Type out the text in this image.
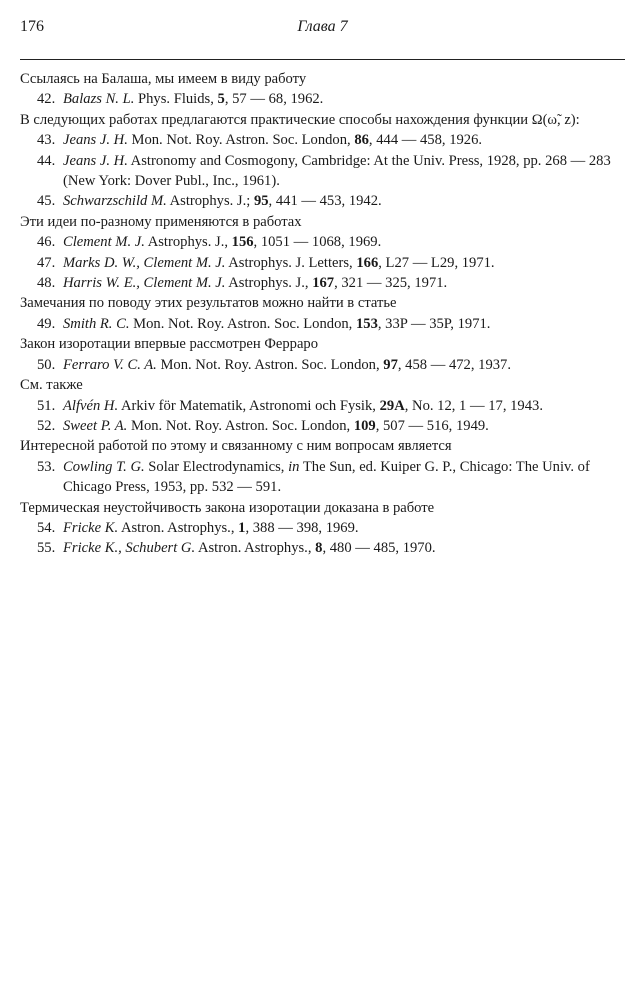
176	Глава 7

Ссылаясь на Балаша, мы имеем в виду работу

42. Balazs N. L. Phys. Fluids, 5, 57 — 68, 1962.

В следующих работах предлагаются практические способы нахождения функции Ω(ω̃, z):

43. Jeans J. H. Mon. Not. Roy. Astron. Soc. London, 86, 444 — 458, 1926.

44. Jeans J. H. Astronomy and Cosmogony, Cambridge: At the Univ. Press, 1928, pp. 268 — 283 (New York: Dover Publ., Inc., 1961).

45. Schwarzschild M. Astrophys. J.; 95, 441 — 453, 1942.

Эти идеи по-разному применяются в работах

46. Clement M. J. Astrophys. J., 156, 1051 — 1068, 1969.

47. Marks D. W., Clement M. J. Astrophys. J. Letters, 166, L27 — L29, 1971.

48. Harris W. E., Clement M. J. Astrophys. J., 167, 321 — 325, 1971.

Замечания по поводу этих результатов можно найти в статье

49. Smith R. C. Mon. Not. Roy. Astron. Soc. London, 153, 33P — 35P, 1971.

Закон изоротации впервые рассмотрен Ферраро

50. Ferraro V. C. A. Mon. Not. Roy. Astron. Soc. London, 97, 458 — 472, 1937.

См. также

51. Alfvén H. Arkiv för Matematik, Astronomi och Fysik, 29A, No. 12, 1 — 17, 1943.

52. Sweet P. A. Mon. Not. Roy. Astron. Soc. London, 109, 507 — 516, 1949.

Интересной работой по этому и связанному с ним вопросам является

53. Cowling T. G. Solar Electrodynamics, in The Sun, ed. Kuiper G. P., Chicago: The Univ. of Chicago Press, 1953, pp. 532 — 591.

Термическая неустойчивость закона изоротации доказана в работе

54. Fricke K. Astron. Astrophys., 1, 388 — 398, 1969.

55. Fricke K., Schubert G. Astron. Astrophys., 8, 480 — 485, 1970.
